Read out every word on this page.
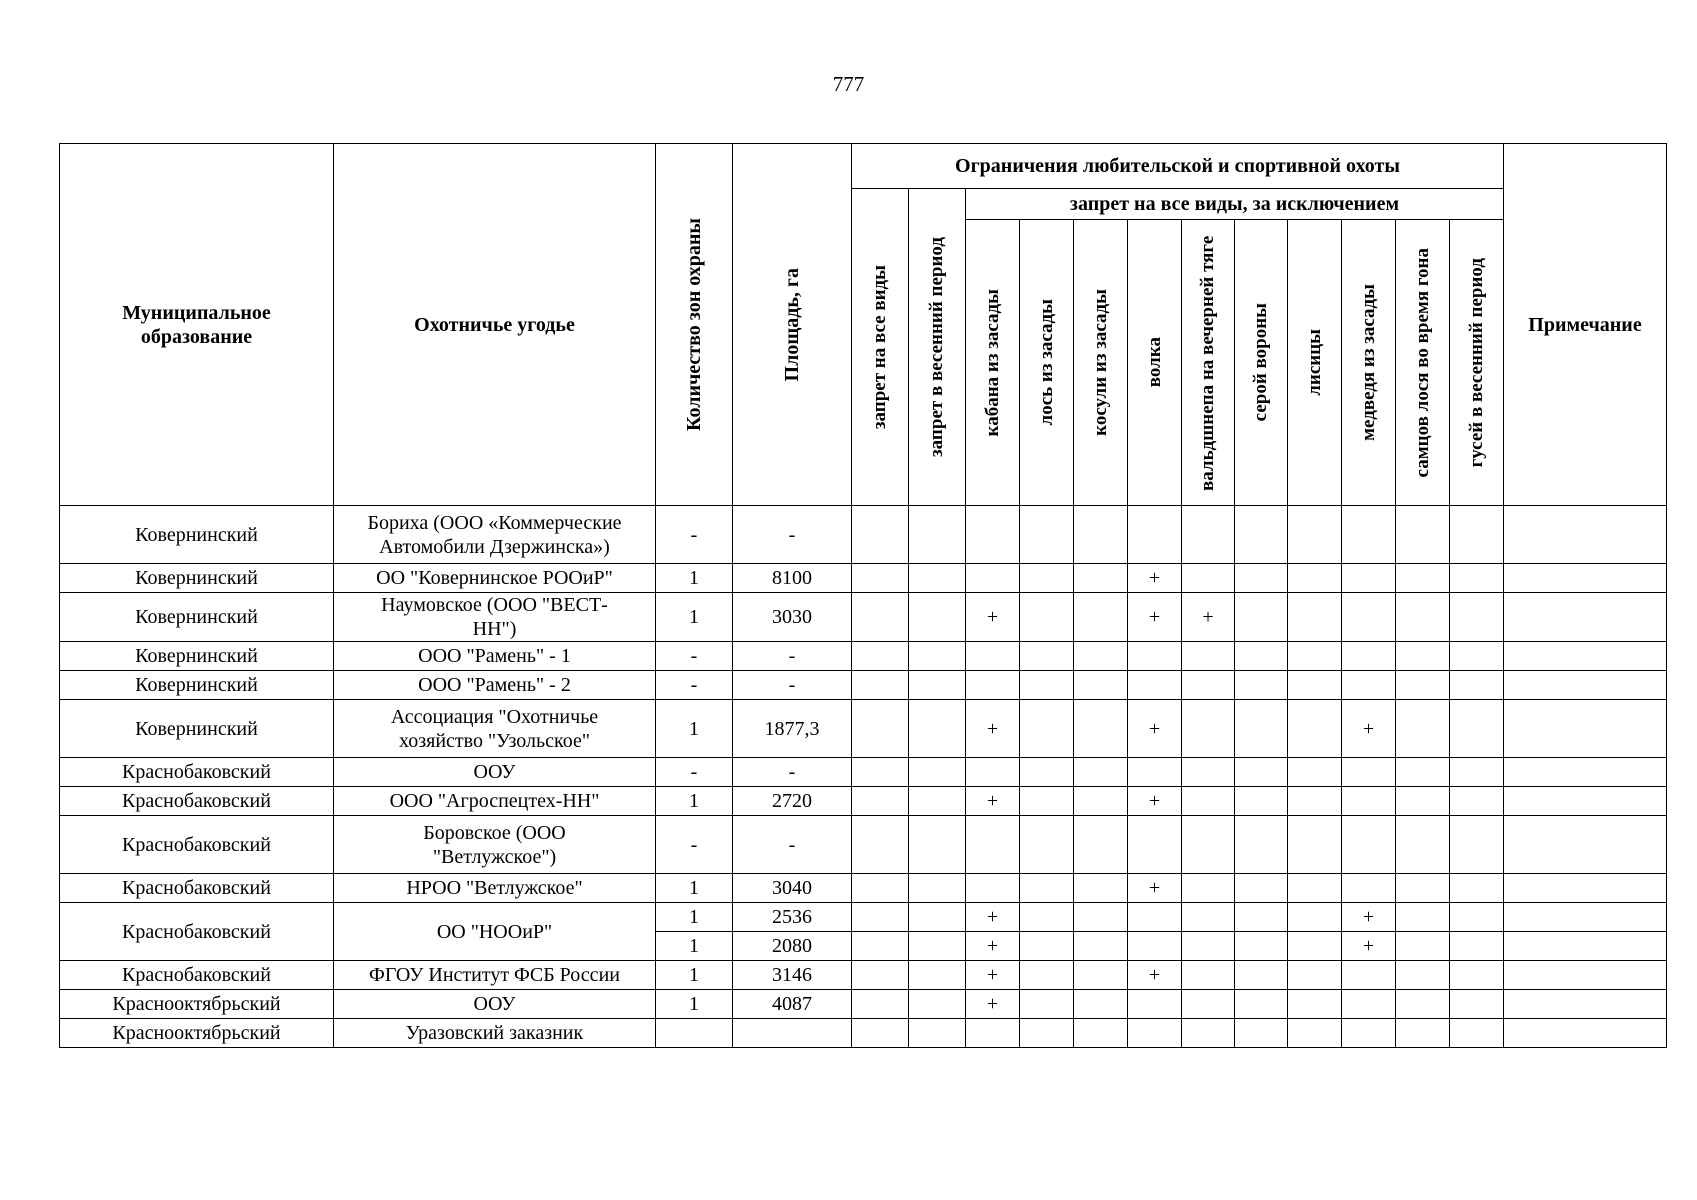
777
Муниципальное образование	Охотничье угодье	Количество зон охраны	Площадь, га	Ограничения любительской и спортивной охоты												Примечание

				запрет на все виды	запрет в весенний период	запрет на все виды, за исключением										

						кабана из засады	лось из засады	косули из засады	волка	вальдшнепа на вечерней тяге	серой вороны	лисицы	медведя из засады	самцов лося во время гона	гусей в весенний период	

Ковернинский	Бориха (ООО «Коммерческие Автомобили Дзержинска»)	-	-													
Ковернинский	ОО "Ковернинское РООиР"	1	8100						+							
Ковернинский	Наумовское (ООО "ВЕСТ-НН")	1	3030			+			+	+						
Ковернинский	ООО "Рамень" - 1	-	-													
Ковернинский	ООО "Рамень" - 2	-	-													
Ковернинский	Ассоциация "Охотничье хозяйство "Узольское"	1	1877,3			+			+				+			
Краснобаковский	ООУ	-	-													
Краснобаковский	ООО "Агроспецтех-НН"	1	2720			+			+							
Краснобаковский	Боровское (ООО "Ветлужское")	-	-													
Краснобаковский	НРОО "Ветлужское"	1	3040						+							
Краснобаковский	ОО "НООиР"	1	2536			+							+			
		1	2080			+							+			
Краснобаковский	ФГОУ Институт ФСБ России	1	3146			+			+							
Краснооктябрьский	ООУ	1	4087			+										
Краснооктябрьский	Уразовский заказник															
